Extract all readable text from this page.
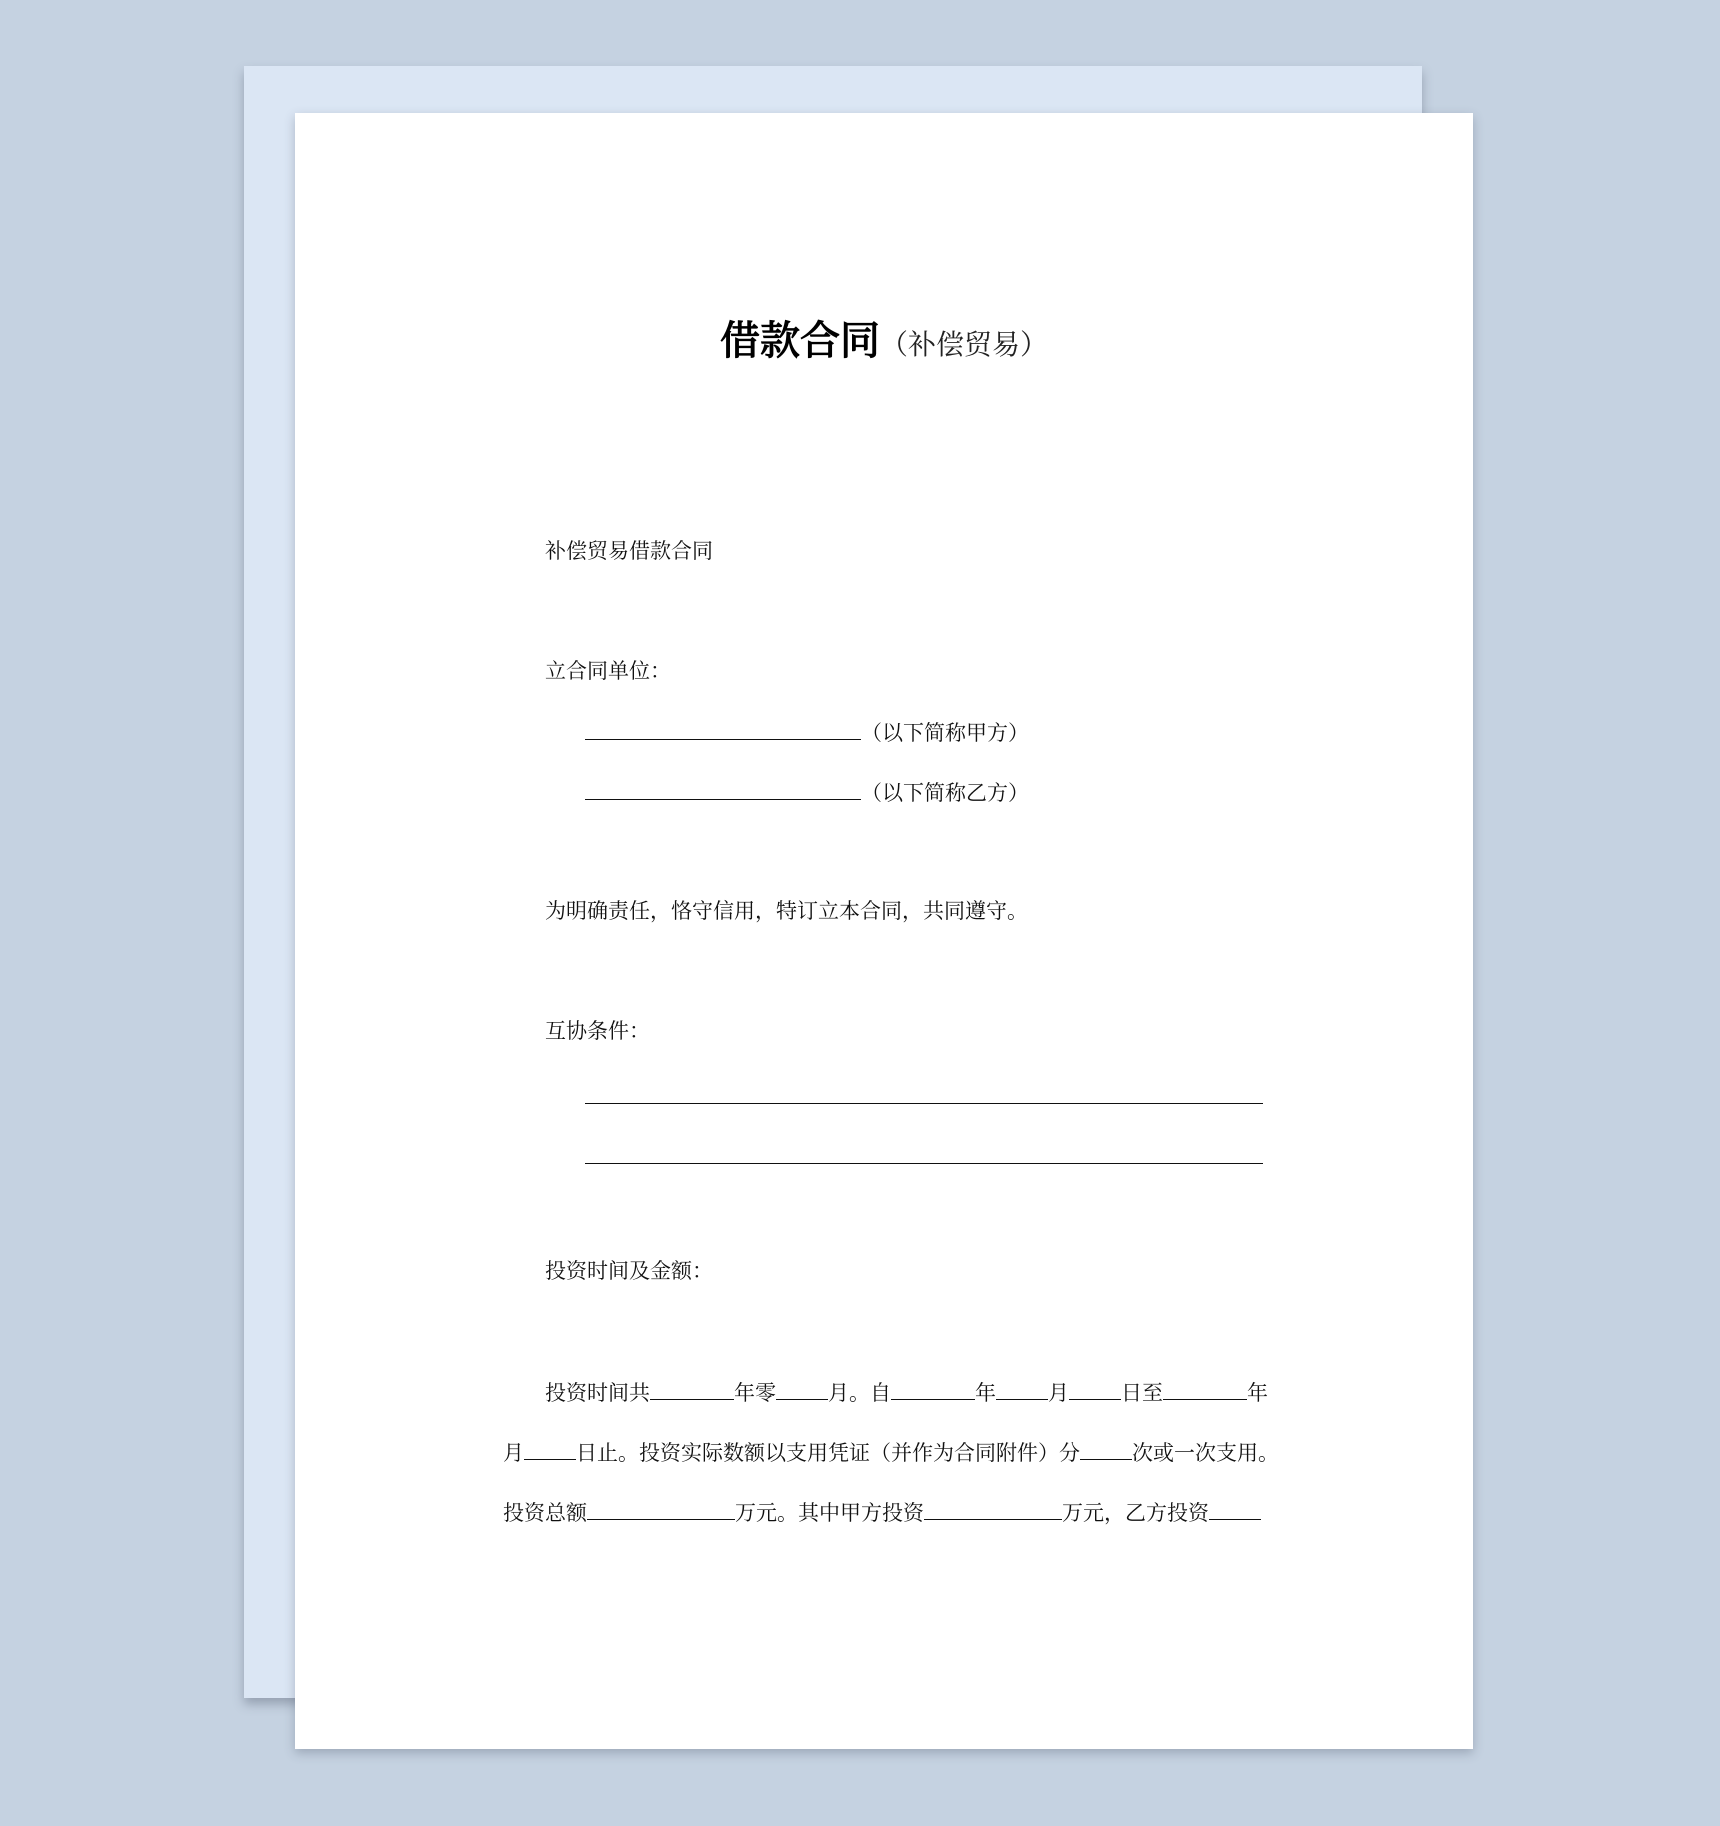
借款合同（补偿贸易）
补偿贸易借款合同
立合同单位：
（以下简称甲方）
（以下简称乙方）
为明确责任，恪守信用，特订立本合同，共同遵守。
互协条件：
投资时间及金额：
投资时间共	年零 月。自	年 月 日至	年
月 日止。投资实际数额以支用凭证（并作为合同附件）分 次或一次支用。
投资总额	万元。其中甲方投资	万元，乙方投资
